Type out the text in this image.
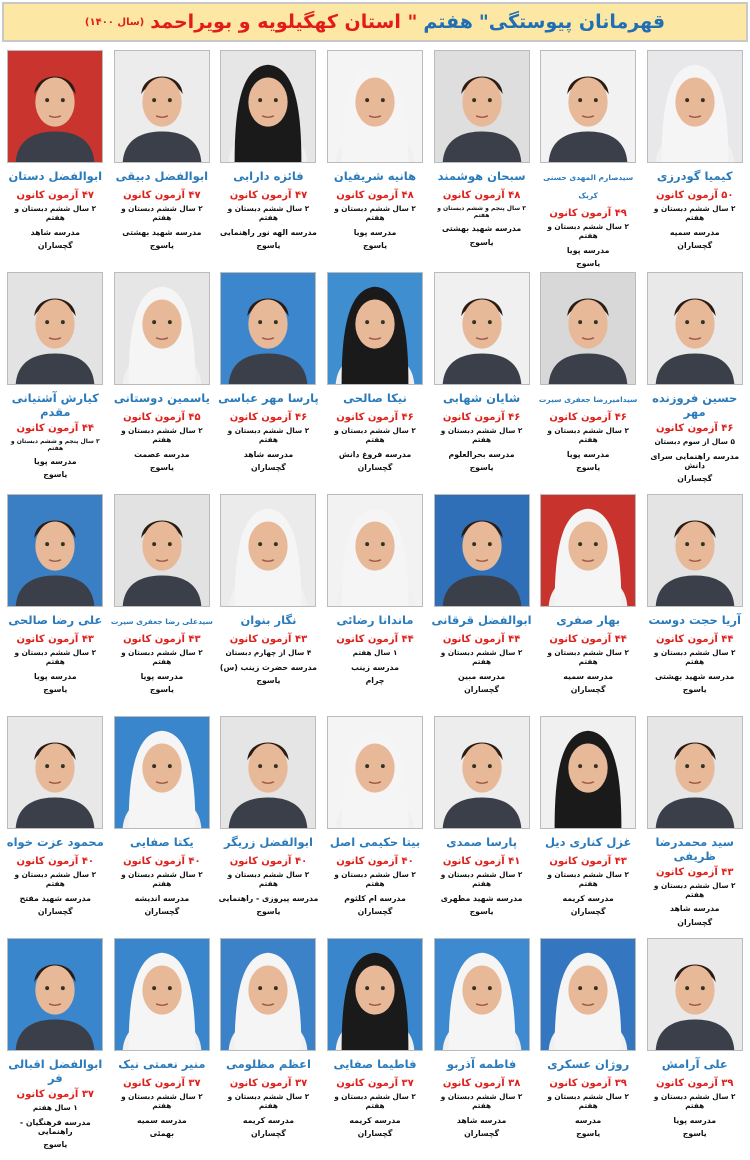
قهرمانان پیوستگی"
هفتم
" استان کهگیلویه و بویراحمد
(سال ۱۴۰۰)
کیمیا گودرزی
۵۰ آزمون کانون
۲ سال ششم دبستان و هفتم
مدرسه سمیه
گچساران
سیدصارم المهدی حسنی کریک
۴۹ آزمون کانون
۲ سال ششم دبستان و هفتم
مدرسه پویا
یاسوج
سبحان هوشمند
۴۸ آزمون کانون
۳ سال پنجم و ششم دبستان و هفتم
مدرسه شهید بهشتی
یاسوج
هانیه شریفیان
۴۸ آزمون کانون
۲ سال ششم دبستان و هفتم
مدرسه پویا
یاسوج
فائزه دارابی
۴۷ آزمون کانون
۲ سال ششم دبستان و هفتم
مدرسه الهه نور راهنمایی
یاسوج
ابوالفضل دبیقی
۴۷ آزمون کانون
۲ سال ششم دبستان و هفتم
مدرسه شهید بهشتی
یاسوج
ابوالفضل دستان
۴۷ آزمون کانون
۲ سال ششم دبستان و هفتم
مدرسه شاهد
گچساران
حسین فروزنده مهر
۴۶ آزمون کانون
۵ سال از سوم دبستان
مدرسه راهنمایی سرای دانش
گچساران
سیدامیررضا جعفری سیرت
۴۶ آزمون کانون
۲ سال ششم دبستان و هفتم
مدرسه پویا
یاسوج
شایان شهابی
۴۶ آزمون کانون
۲ سال ششم دبستان و هفتم
مدرسه بحرالعلوم
یاسوج
نیکا صالحی
۴۶ آزمون کانون
۲ سال ششم دبستان و هفتم
مدرسه فروغ دانش
گچساران
پارسا مهر عباسی
۴۶ آزمون کانون
۲ سال ششم دبستان و هفتم
مدرسه شاهد
گچساران
یاسمین دوستانی
۴۵ آزمون کانون
۲ سال ششم دبستان و هفتم
مدرسه عصمت
یاسوج
کیارش آشتیانی مقدم
۴۴ آزمون کانون
۳ سال پنجم و ششم دبستان و هفتم
مدرسه پویا
یاسوج
آریا حجت دوست
۴۴ آزمون کانون
۲ سال ششم دبستان و هفتم
مدرسه شهید بهشتی
یاسوج
بهار صفری
۴۴ آزمون کانون
۲ سال ششم دبستان و هفتم
مدرسه سمیه
گچساران
ابوالفضل قرقانی
۴۴ آزمون کانون
۲ سال ششم دبستان و هفتم
مدرسه مبین
گچساران
ماندانا رضائی
۴۴ آزمون کانون
۱ سال هفتم
مدرسه زینب
چرام
نگار بنوان
۴۳ آزمون کانون
۴ سال از چهارم دبستان
مدرسه حضرت زینب (س)
یاسوج
سیدعلی رضا جعفری سیرت
۴۳ آزمون کانون
۲ سال ششم دبستان و هفتم
مدرسه پویا
یاسوج
علی رضا صالحی
۴۳ آزمون کانون
۲ سال ششم دبستان و هفتم
مدرسه پویا
یاسوج
سید محمدرضا ظریفی
۴۳ آزمون کانون
۲ سال ششم دبستان و هفتم
مدرسه شاهد
گچساران
غزل کناری دیل
۴۳ آزمون کانون
۲ سال ششم دبستان و هفتم
مدرسه کریمه
گچساران
پارسا صمدی
۴۱ آزمون کانون
۲ سال ششم دبستان و هفتم
مدرسه شهید مطهری
یاسوج
بیتا حکیمی اصل
۴۰ آزمون کانون
۲ سال ششم دبستان و هفتم
مدرسه ام کلثوم
گچساران
ابوالفضل زریگر
۴۰ آزمون کانون
۲ سال ششم دبستان و هفتم
مدرسه پیروزی - راهنمایی
یاسوج
یکتا صفایی
۴۰ آزمون کانون
۲ سال ششم دبستان و هفتم
مدرسه اندیشه
گچساران
محمود عزت خواه
۴۰ آزمون کانون
۲ سال ششم دبستان و هفتم
مدرسه شهید مفتح
گچساران
علی آرامش
۳۹ آزمون کانون
۲ سال ششم دبستان و هفتم
مدرسه پویا
یاسوج
روژان عسکری
۳۹ آزمون کانون
۲ سال ششم دبستان و هفتم
مدرسه
یاسوج
فاطمه آذربو
۳۸ آزمون کانون
۲ سال ششم دبستان و هفتم
مدرسه شاهد
گچساران
فاطیما صفایی
۳۷ آزمون کانون
۲ سال ششم دبستان و هفتم
مدرسه کریمه
گچساران
اعظم مظلومی
۳۷ آزمون کانون
۲ سال ششم دبستان و هفتم
مدرسه کریمه
گچساران
منیر نعمتی نیک
۳۷ آزمون کانون
۲ سال ششم دبستان و هفتم
مدرسه سمیه
بهمئی
ابوالفضل اقبالی فر
۳۷ آزمون کانون
۱ سال هفتم
مدرسه فرهنگیان - راهنمایی
یاسوج
